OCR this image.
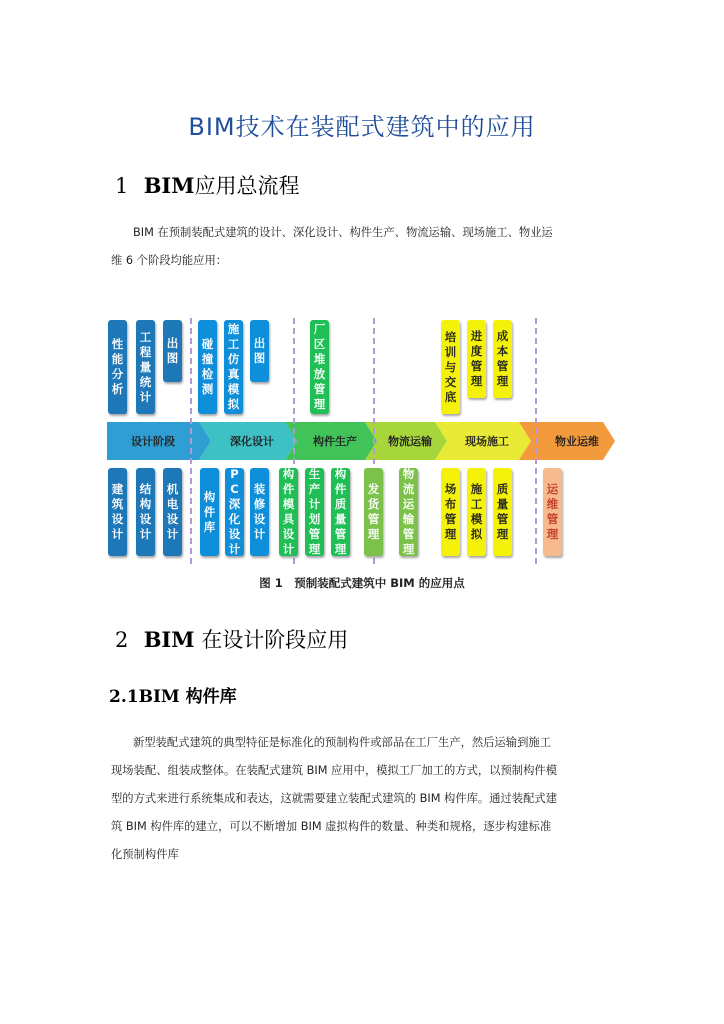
BIM技术在装配式建筑中的应用
1 BIM应用总流程
BIM 在预制装配式建筑的设计、深化设计、构件生产、物流运输、现场施工、物业运
维 6 个阶段均能应用：
设计阶段	深化设计	构件生产	物流运输	现场施工	物业运维
性
能
分
析
工
程
量
统
计
出
图
碰
撞
检
测
施
工
仿
真
模
拟
出
图
厂
区
堆
放
管
理
培
训
与
交
底
进
度
管
理
成
本
管
理
建
筑
设
计
结
构
设
计
机
电
设
计
构
件
库
P
C
深
化
设
计
装
修
设
计
构
件
模
具
设
计
生
产
计
划
管
理
构
件
质
量
管
理
发
货
管
理
物
流
运
输
管
理
场
布
管
理
施
工
模
拟
质
量
管
理
运
维
管
理
图 1　预制装配式建筑中 BIM 的应用点
2 BIM 在设计阶段应用
2.1BIM 构件库
新型装配式建筑的典型特征是标准化的预制构件或部品在工厂生产，然后运输到施工
现场装配、组装成整体。在装配式建筑 BIM 应用中，模拟工厂加工的方式，以预制构件模
型的方式来进行系统集成和表达，这就需要建立装配式建筑的 BIM 构件库。通过装配式建
筑 BIM 构件库的建立，可以不断增加 BIM 虚拟构件的数量、种类和规格，逐步构建标准
化预制构件库
